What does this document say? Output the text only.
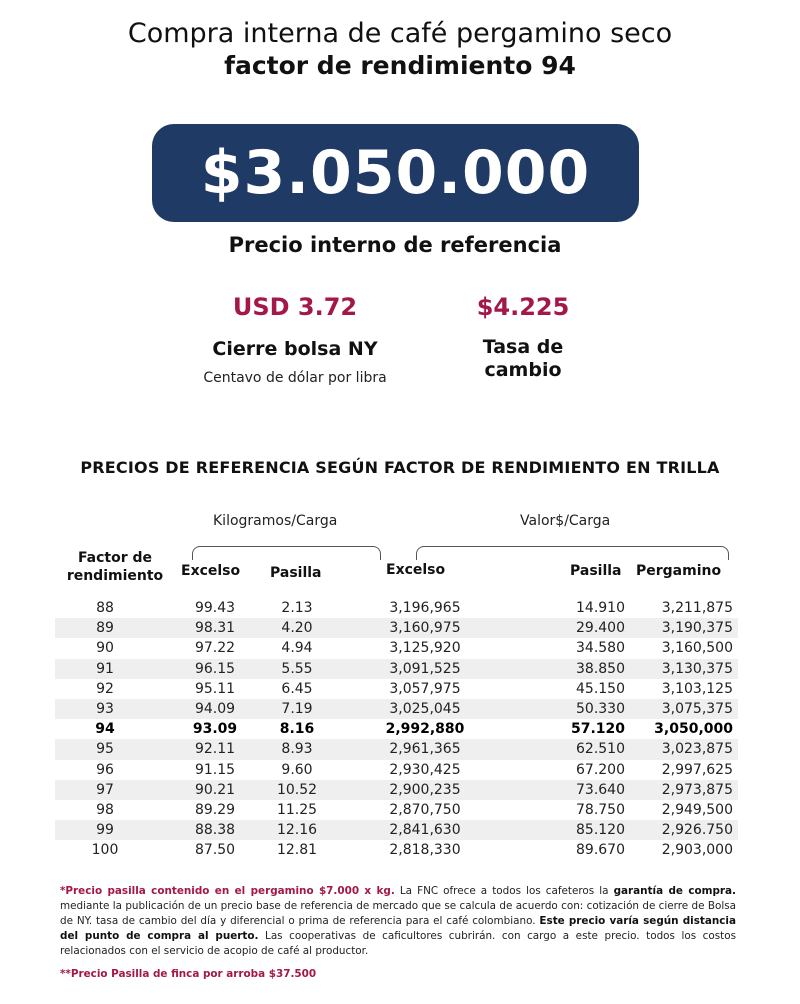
Compra interna de café pergamino seco
factor de rendimiento 94
$3.050.000
Precio interno de referencia
USD 3.72
Cierre bolsa NY
Centavo de dólar por libra
$4.225
Tasa de
cambio
PRECIOS DE REFERENCIA SEGÚN FACTOR DE RENDIMIENTO EN TRILLA
Kilogramos/Carga	Valor$/Carga
Factor de
rendimiento	Excelso Pasilla	Excelso	Pasilla Pergamino
88	99.43	2.13	3,196,965	14.910	3,211,875
89	98.31	4.20	3,160,975	29.400	3,190,375
90	97.22	4.94	3,125,920	34.580	3,160,500
91	96.15	5.55	3,091,525	38.850	3,130,375
92	95.11	6.45	3,057,975	45.150	3,103,125
93	94.09	7.19	3,025,045	50.330	3,075,375
94	93.09	8.16	2,992,880	57.120	3,050,000
95	92.11	8.93	2,961,365	62.510	3,023,875
96	91.15	9.60	2,930,425	67.200	2,997,625
97	90.21	10.52	2,900,235	73.640	2,973,875
98	89.29	11.25	2,870,750	78.750	2,949,500
99	88.38	12.16	2,841,630	85.120	2,926.750
100	87.50	12.81	2,818,330	89.670	2,903,000
*Precio pasilla contenido en el pergamino $7.000 x kg. La FNC ofrece a todos los cafeteros la garantía de compra. mediante la publicación de un precio base de referencia de mercado que se calcula de acuerdo con: cotización de cierre de Bolsa de NY. tasa de cambio del día y diferencial o prima de referencia para el café colombiano. Este precio varía según distancia del punto de compra al puerto. Las cooperativas de caficultores cubrirán. con cargo a este precio. todos los costos relacionados con el servicio de acopio de café al productor.
**Precio Pasilla de finca por arroba $37.500
